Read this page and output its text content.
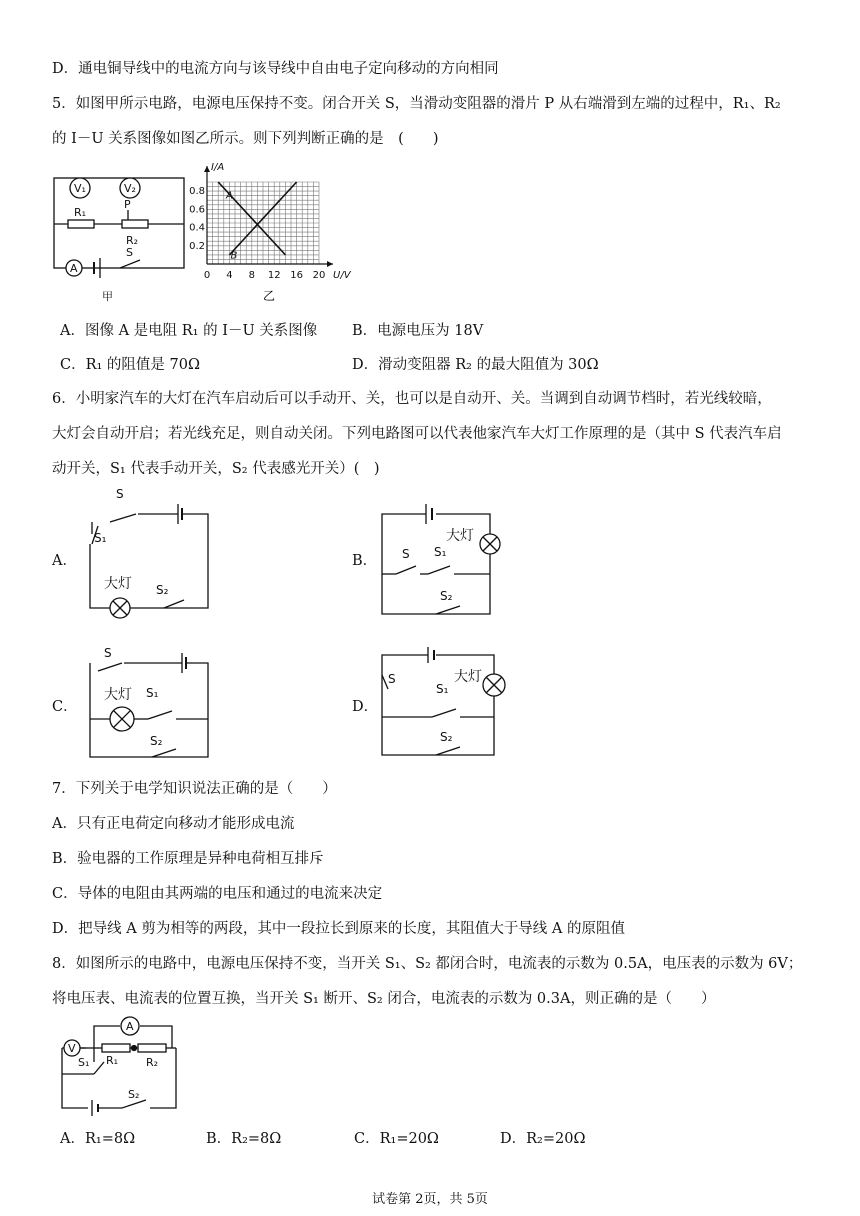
D．通电铜导线中的电流方向与该导线中自由电子定向移动的方向相同
5．如图甲所示电路，电源电压保持不变。闭合开关 S，当滑动变阻器的滑片 P 从右端滑到左端的过程中，R₁、R₂
的 I－U 关系图像如图乙所示。则下列判断正确的是　(　　)
V₁	V₂
R₁
P
R₂
A
S
甲
0 4 8 12 16 20
0.2
0.4
0.6
0.8
U/V
I/A
A
B
乙
A．图像 A 是电阻 R₁ 的 I－U 关系图像 B．电源电压为 18V
C．R₁ 的阻值是 70Ω	D．滑动变阻器 R₂ 的最大阻值为 30Ω
6．小明家汽车的大灯在汽车启动后可以手动开、关，也可以是自动开、关。当调到自动调节档时，若光线较暗，
大灯会自动开启；若光线充足，则自动关闭。下列电路图可以代表他家汽车大灯工作原理的是（其中 S 代表汽车启
动开关，S₁ 代表手动开关，S₂ 代表感光开关）(　)
A．	B．
C．	D．
S
S₁
大灯 S₂
S S₁
大灯
S₂
S
大灯 S₁
S₂
S
S₁
大灯
S₂
7．下列关于电学知识说法正确的是（　　）
A．只有正电荷定向移动才能形成电流
B．验电器的工作原理是异种电荷相互排斥
C．导体的电阻由其两端的电压和通过的电流来决定
D．把导线 A 剪为相等的两段，其中一段拉长到原来的长度，其阻值大于导线 A 的原阻值
8．如图所示的电路中，电源电压保持不变，当开关 S₁、S₂ 都闭合时，电流表的示数为 0.5A，电压表的示数为 6V；
将电压表、电流表的位置互换，当开关 S₁ 断开、S₂ 闭合，电流表的示数为 0.3A，则正确的是（　　）
A
V
S₁ R₁	R₂
S₂
A．R₁=8Ω	B．R₂=8Ω	C．R₁=20Ω	D．R₂=20Ω
试卷第 2页，共 5页
